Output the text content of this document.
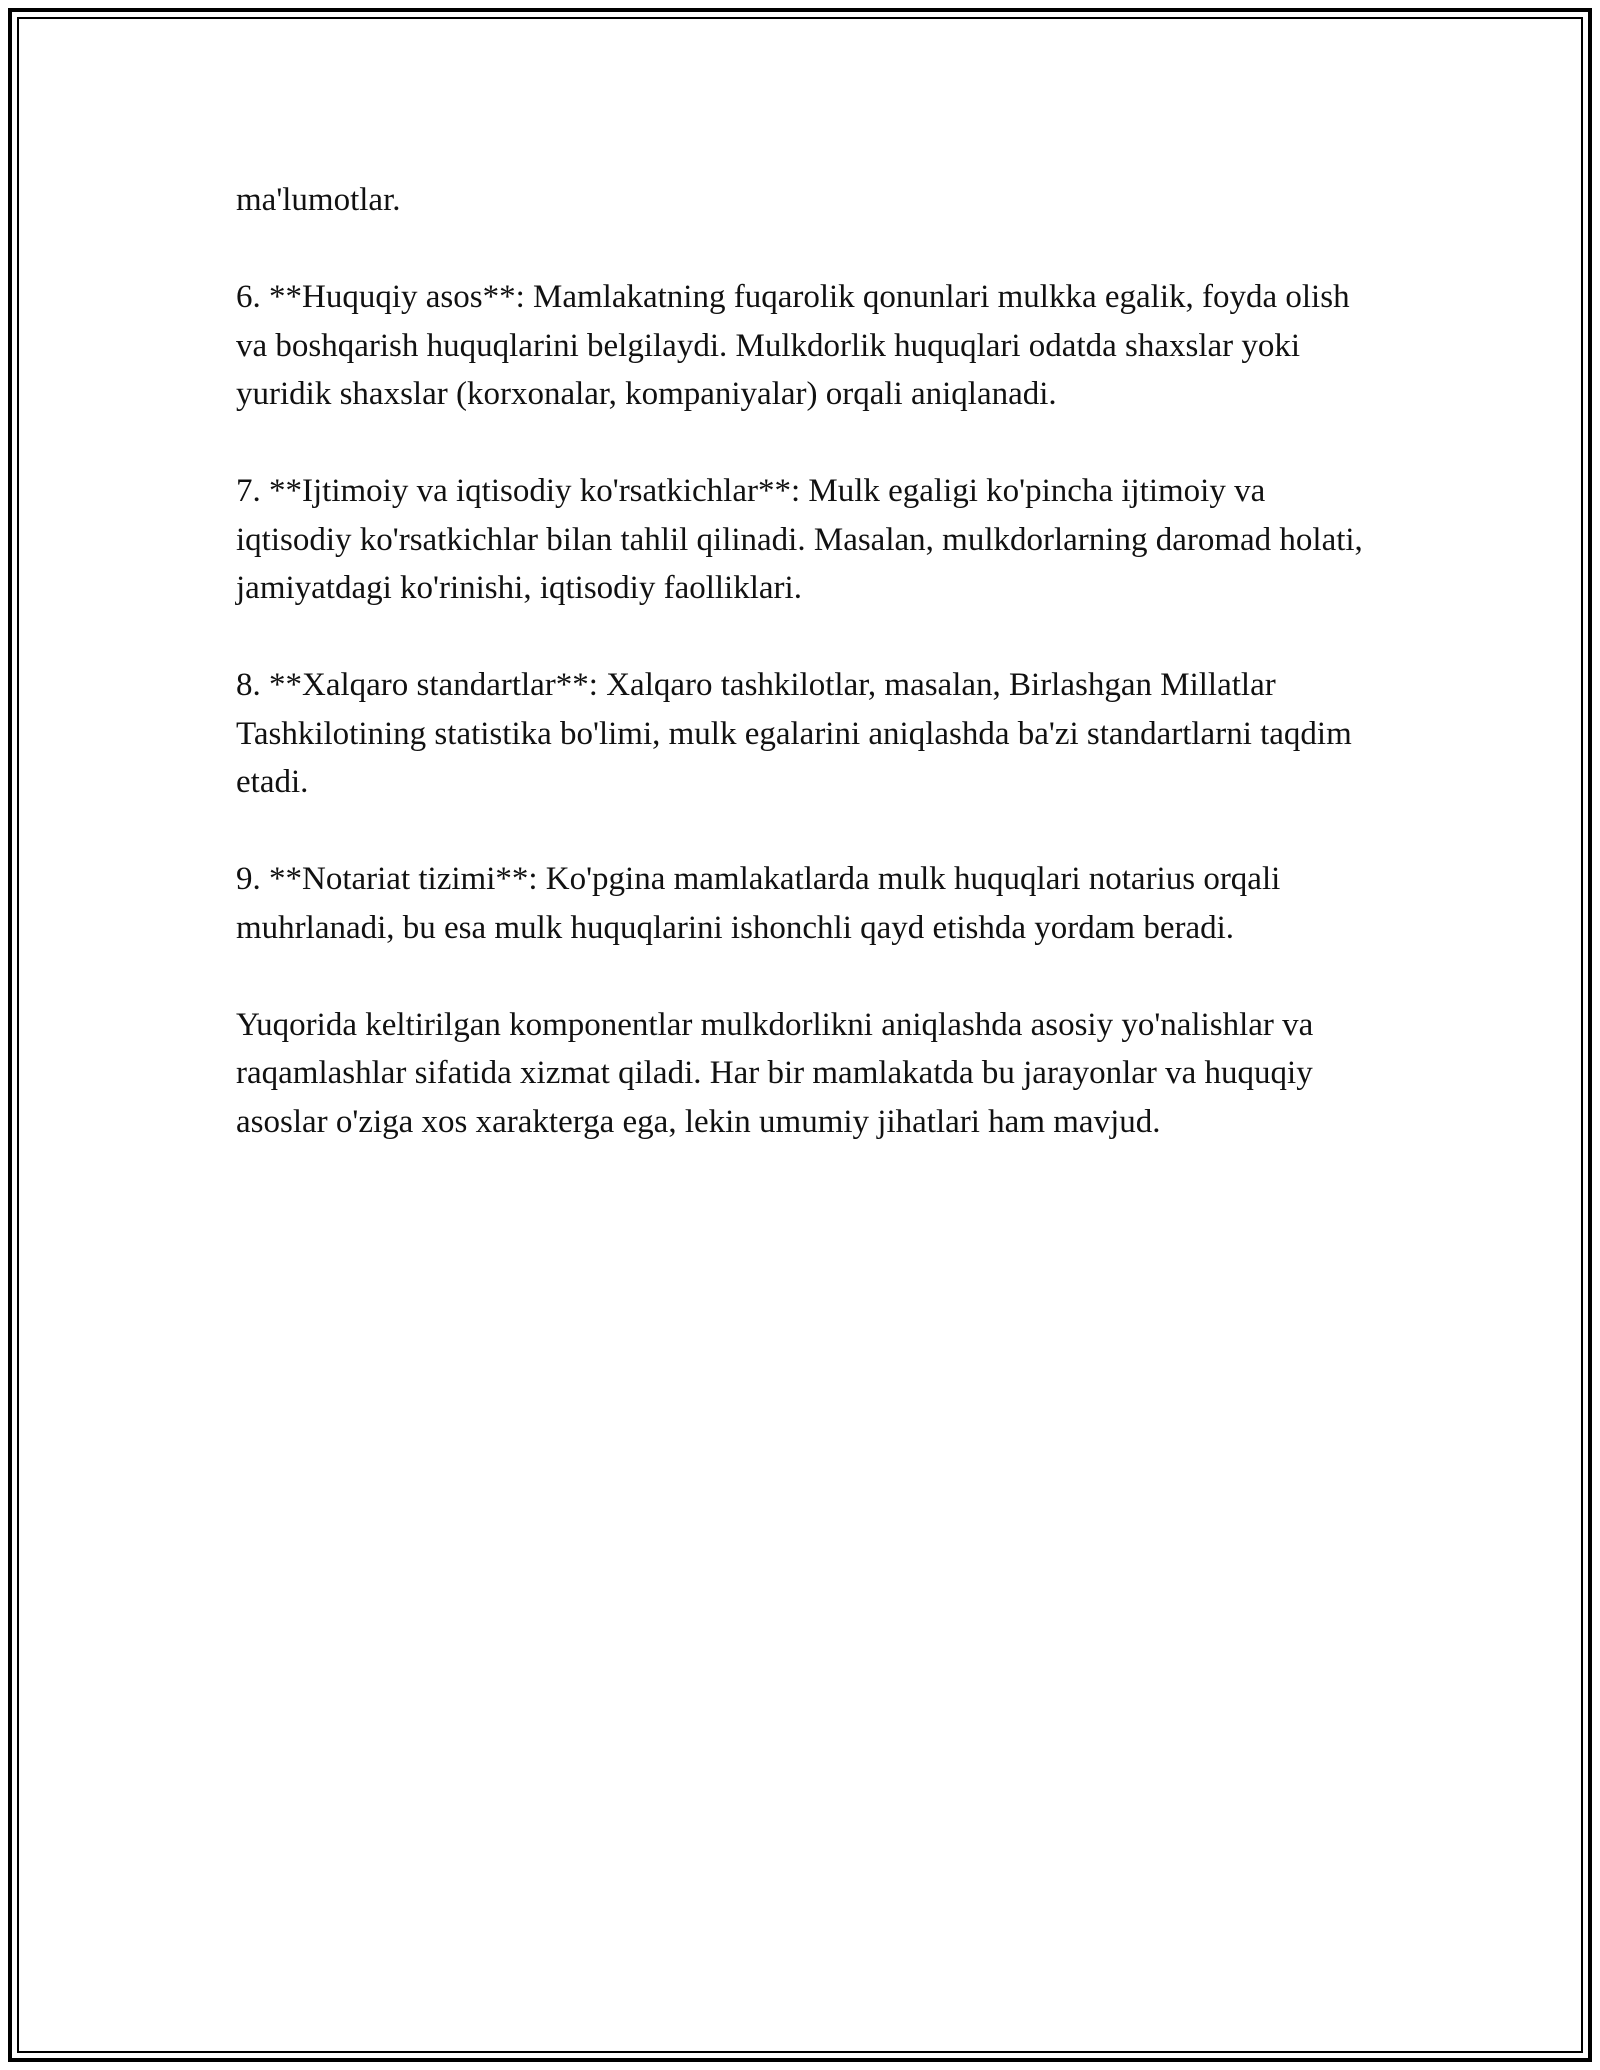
ma'lumotlar.

6. **Huquqiy asos**: Mamlakatning fuqarolik qonunlari mulkka egalik, foyda olish va boshqarish huquqlarini belgilaydi. Mulkdorlik huquqlari odatda shaxslar yoki yuridik shaxslar (korxonalar, kompaniyalar) orqali aniqlanadi.

7. **Ijtimoiy va iqtisodiy ko'rsatkichlar**: Mulk egaligi ko'pincha ijtimoiy va iqtisodiy ko'rsatkichlar bilan tahlil qilinadi. Masalan, mulkdorlarning daromad holati, jamiyatdagi ko'rinishi, iqtisodiy faolliklari.

8. **Xalqaro standartlar**: Xalqaro tashkilotlar, masalan, Birlashgan Millatlar Tashkilotining statistika bo'limi, mulk egalarini aniqlashda ba'zi standartlarni taqdim etadi.

9. **Notariat tizimi**: Ko'pgina mamlakatlarda mulk huquqlari notarius orqali muhrlanadi, bu esa mulk huquqlarini ishonchli qayd etishda yordam beradi.

Yuqorida keltirilgan komponentlar mulkdorlikni aniqlashda asosiy yo'nalishlar va raqamlashlar sifatida xizmat qiladi. Har bir mamlakatda bu jarayonlar va huquqiy asoslar o'ziga xos xarakterga ega, lekin umumiy jihatlari ham mavjud.
